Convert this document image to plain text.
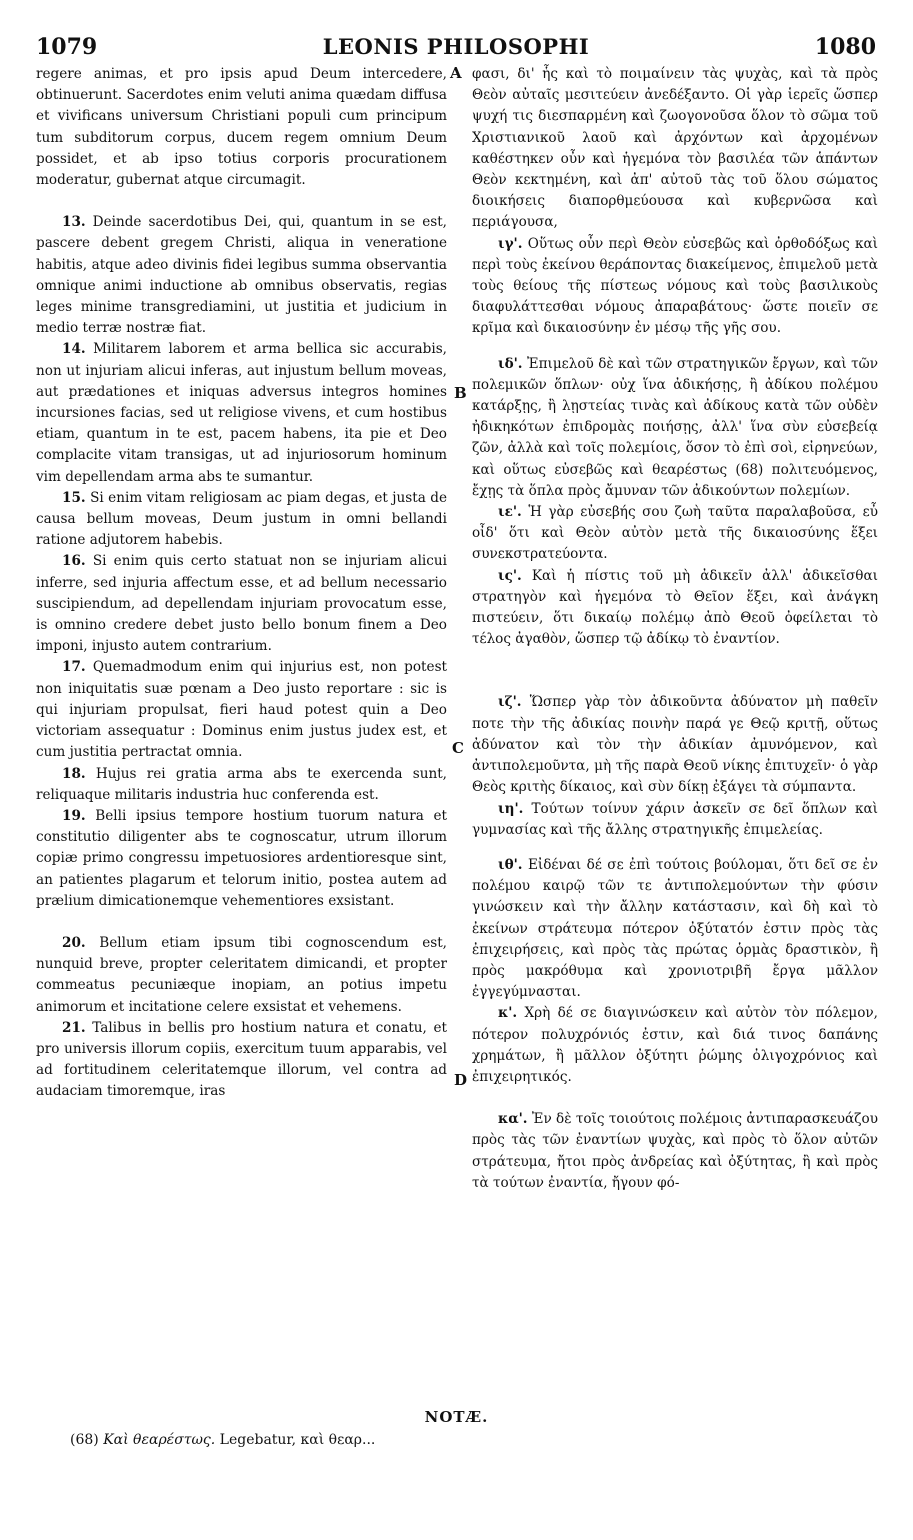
1079	LEONIS PHILOSOPHI	1080
A
B
C
D

regere animas, et pro ipsis apud Deum intercedere, obtinuerunt. Sacerdotes enim veluti anima quædam diffusa et vivificans universum Christiani populi cum principum tum subditorum corpus, ducem regem omnium Deum possidet, et ab ipso totius corporis procurationem moderatur, gubernat atque circumagit.

13. Deinde sacerdotibus Dei, qui, quantum in se est, pascere debent gregem Christi, aliqua in veneratione habitis, atque adeo divinis fidei legibus summa observantia omnique animi inductione ab omnibus observatis, regias leges minime transgrediamini, ut justitia et judicium in medio terræ nostræ fiat.

14. Militarem laborem et arma bellica sic accurabis, non ut injuriam alicui inferas, aut injustum bellum moveas, aut prædationes et iniquas adversus integros homines incursiones facias, sed ut religiose vivens, et cum hostibus etiam, quantum in te est, pacem habens, ita pie et Deo complacite vitam transigas, ut ad injuriosorum hominum vim depellendam arma abs te sumantur.

15. Si enim vitam religiosam ac piam degas, et justa de causa bellum moveas, Deum justum in omni bellandi ratione adjutorem habebis.

16. Si enim quis certo statuat non se injuriam alicui inferre, sed injuria affectum esse, et ad bellum necessario suscipiendum, ad depellendam injuriam provocatum esse, is omnino credere debet justo bello bonum finem a Deo imponi, injusto autem contrarium.

17. Quemadmodum enim qui injurius est, non potest non iniquitatis suæ pœnam a Deo justo reportare : sic is qui injuriam propulsat, fieri haud potest quin a Deo victoriam assequatur : Dominus enim justus judex est, et cum justitia pertractat omnia.

18. Hujus rei gratia arma abs te exercenda sunt, reliquaque militaris industria huc conferenda est.

19. Belli ipsius tempore hostium tuorum natura et constitutio diligenter abs te cognoscatur, utrum illorum copiæ primo congressu impetuosiores ardentioresque sint, an patientes plagarum et telorum initio, postea autem ad prælium dimicationemque vehementiores exsistant.

20. Bellum etiam ipsum tibi cognoscendum est, nunquid breve, propter celeritatem dimicandi, et propter commeatus pecuniæque inopiam, an potius impetu animorum et incitatione celere exsistat et vehemens.

21. Talibus in bellis pro hostium natura et conatu, et pro universis illorum copiis, exercitum tuum apparabis, vel ad fortitudinem celeritatemque illorum, vel contra ad audaciam timoremque, iras

φασι, δι' ἧς καὶ τὸ ποιμαίνειν τὰς ψυχὰς, καὶ τὰ πρὸς Θεὸν αὐταῖς μεσιτεύειν ἀνεδέξαντο. Οἱ γὰρ ἱερεῖς ὥσπερ ψυχή τις διεσπαρμένη καὶ ζωογονοῦσα ὅλον τὸ σῶμα τοῦ Χριστιανικοῦ λαοῦ καὶ ἀρχόντων καὶ ἀρχομένων καθέστηκεν οὖν καὶ ἡγεμόνα τὸν βασιλέα τῶν ἁπάντων Θεὸν κεκτημένη, καὶ ἀπ' αὐτοῦ τὰς τοῦ ὅλου σώματος διοικήσεις διαπορθμεύουσα καὶ κυβερνῶσα καὶ περιάγουσα,

ιγ'. Οὕτως οὖν περὶ Θεὸν εὐσεβῶς καὶ ὀρθοδόξως καὶ περὶ τοὺς ἐκείνου θεράποντας διακείμενος, ἐπιμελοῦ μετὰ τοὺς θείους τῆς πίστεως νόμους καὶ τοὺς βασιλικοὺς διαφυλάττεσθαι νόμους ἀπαραβάτους· ὥστε ποιεῖν σε κρῖμα καὶ δικαιοσύνην ἐν μέσῳ τῆς γῆς σου.

ιδ'. Ἐπιμελοῦ δὲ καὶ τῶν στρατηγικῶν ἔργων, καὶ τῶν πολεμικῶν ὅπλων· οὐχ ἵνα ἀδικήσῃς, ἢ ἀδίκου πολέμου κατάρξῃς, ἢ λῃστείας τινὰς καὶ ἀδίκους κατὰ τῶν οὐδὲν ἠδικηκότων ἐπιδρομὰς ποιήσῃς, ἀλλ' ἵνα σὺν εὐσεβείᾳ ζῶν, ἀλλὰ καὶ τοῖς πολεμίοις, ὅσον τὸ ἐπὶ σοὶ, εἰρηνεύων, καὶ οὕτως εὐσεβῶς καὶ θεαρέστως (68) πολιτευόμενος, ἔχῃς τὰ ὅπλα πρὸς ἄμυναν τῶν ἀδικούντων πολεμίων.

ιε'. Ἡ γὰρ εὐσεβής σου ζωὴ ταῦτα παραλαβοῦσα, εὖ οἶδ' ὅτι καὶ Θεὸν αὐτὸν μετὰ τῆς δικαιοσύνης ἕξει συνεκστρατεύοντα.

ις'. Καὶ ἡ πίστις τοῦ μὴ ἀδικεῖν ἀλλ' ἀδικεῖσθαι στρατηγὸν καὶ ἡγεμόνα τὸ Θεῖον ἕξει, καὶ ἀνάγκη πιστεύειν, ὅτι δικαίῳ πολέμῳ ἀπὸ Θεοῦ ὀφείλεται τὸ τέλος ἀγαθὸν, ὥσπερ τῷ ἀδίκῳ τὸ ἐναντίον.

ιζ'. Ὥσπερ γὰρ τὸν ἀδικοῦντα ἀδύνατον μὴ παθεῖν ποτε τὴν τῆς ἀδικίας ποινὴν παρά γε Θεῷ κριτῇ, οὕτως ἀδύνατον καὶ τὸν τὴν ἀδικίαν ἀμυνόμενον, καὶ ἀντιπολεμοῦντα, μὴ τῆς παρὰ Θεοῦ νίκης ἐπιτυχεῖν· ὁ γὰρ Θεὸς κριτὴς δίκαιος, καὶ σὺν δίκῃ ἐξάγει τὰ σύμπαντα.

ιη'. Τούτων τοίνυν χάριν ἀσκεῖν σε δεῖ ὅπλων καὶ γυμνασίας καὶ τῆς ἄλλης στρατηγικῆς ἐπιμελείας.

ιθ'. Εἰδέναι δέ σε ἐπὶ τούτοις βούλομαι, ὅτι δεῖ σε ἐν πολέμου καιρῷ τῶν τε ἀντιπολεμούντων τὴν φύσιν γινώσκειν καὶ τὴν ἄλλην κατάστασιν, καὶ δὴ καὶ τὸ ἐκείνων στράτευμα πότερον ὀξύτατόν ἐστιν πρὸς τὰς ἐπιχειρήσεις, καὶ πρὸς τὰς πρώτας ὁρμὰς δραστικὸν, ἢ πρὸς μακρόθυμα καὶ χρονιοτριβῆ ἔργα μᾶλλον ἐγγεγύμνασται.

κ'. Χρὴ δέ σε διαγινώσκειν καὶ αὐτὸν τὸν πόλεμον, πότερον πολυχρόνιός ἐστιν, καὶ διά τινος δαπάνης χρημάτων, ἢ μᾶλλον ὀξύτητι ῥώμης ὀλιγοχρόνιος καὶ ἐπιχειρητικός.

κα'. Ἐν δὲ τοῖς τοιούτοις πολέμοις ἀντιπαρασκευάζου πρὸς τὰς τῶν ἐναντίων ψυχὰς, καὶ πρὸς τὸ ὅλον αὐτῶν στράτευμα, ἤτοι πρὸς ἀνδρείας καὶ ὀξύτητας, ἢ καὶ πρὸς τὰ τούτων ἐναντία, ἤγουν φό-

NOTÆ.
(68) Καὶ θεαρέστως. Legebatur, καὶ θεαρ...
